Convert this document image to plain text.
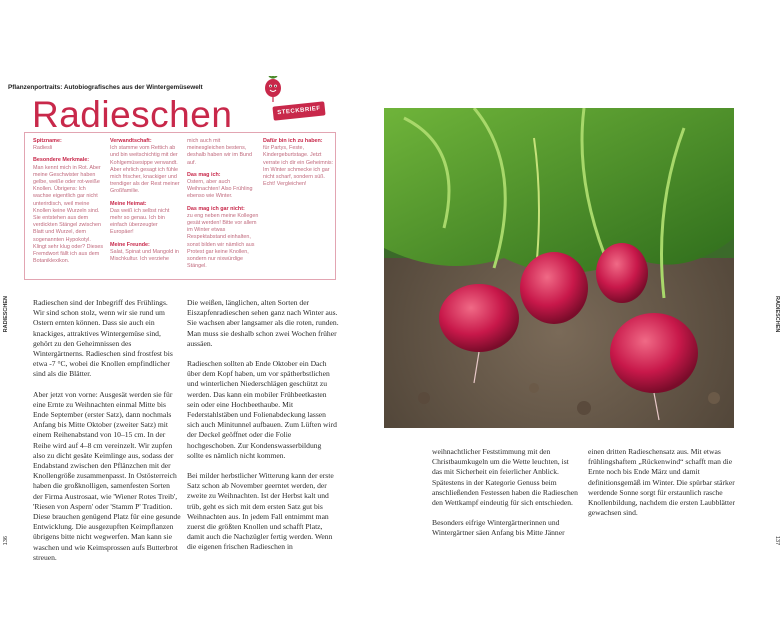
Pflanzenportraits: Autobiografisches aus der Wintergemüsewelt
Radieschen	STECKBRIEF
Spitzname:
Radiesli
Besondere Merkmale:
Man kennt mich in Rot. Aber meine Geschwister haben gelbe, weiße oder rot-weiße Knollen. Übrigens: Ich wachse eigentlich gar nicht unterirdisch, weil meine Knollen keine Wurzeln sind. Sie entstehen aus dem verdickten Stängel zwischen Blatt und Wurzel, dem sogenannten Hypokotyl. Klingt sehr klug oder? Dieses Fremdwort fällt ich aus dem Botaniklexikon.
Verwandtschaft:
Ich stamme vom Rettich ab und bin weitschichtig mit der Kohlgemüsesippe verwandt. Aber ehrlich gesagt ich fühle mich frischer, knackiger und trendiger als der Rest meiner Großfamilie.
Meine Heimat:
Das weiß ich selbst nicht mehr so genau. Ich bin einfach überzeugter Europäer!
Meine Freunde:
Salat, Spinat und Mangold in Mischkultur. Ich verziehe
mich auch mit meinesgleichen bestens, deshalb haben wir im Bund auf.
Das mag ich:
Ostern, aber auch Weihnachten! Also Frühling ebenso wie Winter.
Das mag ich gar nicht:
zu eng neben meine Kollegen gesät werden! Bitte vor allem im Winter etwas Respektabstand einhalten, sonst bilden wir nämlich aus Protest gar keine Knollen, sondern nur nixwürdige Stängel.
Dafür bin ich zu haben:
für Partys, Feste, Kindergeburtstage. Jetzt verrate ich dir ein Geheimnis: Im Winter schmecke ich gar nicht scharf, sondern süß. Echt! Vergleichen!
RADIESCHEN	RADIESCHEN
136	137

Radieschen sind der Inbegriff des Frühlings. Wir sind schon stolz, wenn wir sie rund um Ostern ernten können. Dass sie auch ein knackiges, attraktives Wintergemüse sind, gehört zu den Geheimnissen des Wintergärtnerns. Radieschen sind frostfest bis etwa -7 °C, wobei die Knollen empfindlicher sind als die Blätter.

Aber jetzt von vorne: Ausgesät werden sie für eine Ernte zu Weihnachten einmal Mitte bis Ende September (erster Satz), dann nochmals Anfang bis Mitte Oktober (zweiter Satz) mit einem Reihenabstand von 10–15 cm. In der Reihe wird auf 4–8 cm vereinzelt. Wir zupfen also zu dicht gesäte Keimlinge aus, sodass der Endabstand zwischen den Pflänzchen mit der Knollengröße zusammenpasst. In Ostösterreich haben die großknolligen, samenfesten Sorten der Firma Austrosaat, wie 'Wiener Rotes Treib', 'Riesen von Aspern' oder 'Stamm P' Tradition. Diese brauchen genügend Platz für eine gesunde Entwicklung. Die ausgezupften Keimpflanzen übrigens bitte nicht wegwerfen. Man kann sie waschen und wie Keimsprossen aufs Butterbrot streuen.

Die weißen, länglichen, alten Sorten der Eiszapfenradieschen sehen ganz nach Winter aus. Sie wachsen aber langsamer als die roten, runden. Man muss sie deshalb schon zwei Wochen früher aussäen.

Radieschen sollten ab Ende Oktober ein Dach über dem Kopf haben, um vor spätherbstlichen und winterlichen Niederschlägen geschützt zu werden. Das kann ein mobiler Frühbeetkasten sein oder eine Hochbeethaube. Mit Federstahlstäben und Folienabdeckung lassen sich auch Minitunnel aufbauen. Zum Lüften wird der Deckel geöffnet oder die Folie hochgeschoben. Zur Kondenswasserbildung sollte es nämlich nicht kommen.

Bei milder herbstlicher Witterung kann der erste Satz schon ab November geerntet werden, der zweite zu Weihnachten. Ist der Herbst kalt und trüb, geht es sich mit dem ersten Satz gut bis Weihnachten aus. In jedem Fall entnimmt man zuerst die größten Knollen und schafft Platz, damit auch die Nachzügler fertig werden. Wenn die eigenen frischen Radieschen in

weihnachtlicher Feststimmung mit den Christbaumkugeln um die Wette leuchten, ist das mit Sicherheit ein feierlicher Anblick. Spätestens in der Kategorie Genuss beim anschließenden Festessen haben die Radieschen den Wettkampf eindeutig für sich entschieden.

Besonders eifrige Wintergärtnerinnen und Wintergärtner säen Anfang bis Mitte Jänner

einen dritten Radieschensatz aus. Mit etwas frühlingshaftem „Rückenwind“ schafft man die Ernte noch bis Ende März und damit definitionsgemäß im Winter. Die spürbar stärker werdende Sonne sorgt für erstaunlich rasche Knollenbildung, nachdem die ersten Laubblätter gewachsen sind.
